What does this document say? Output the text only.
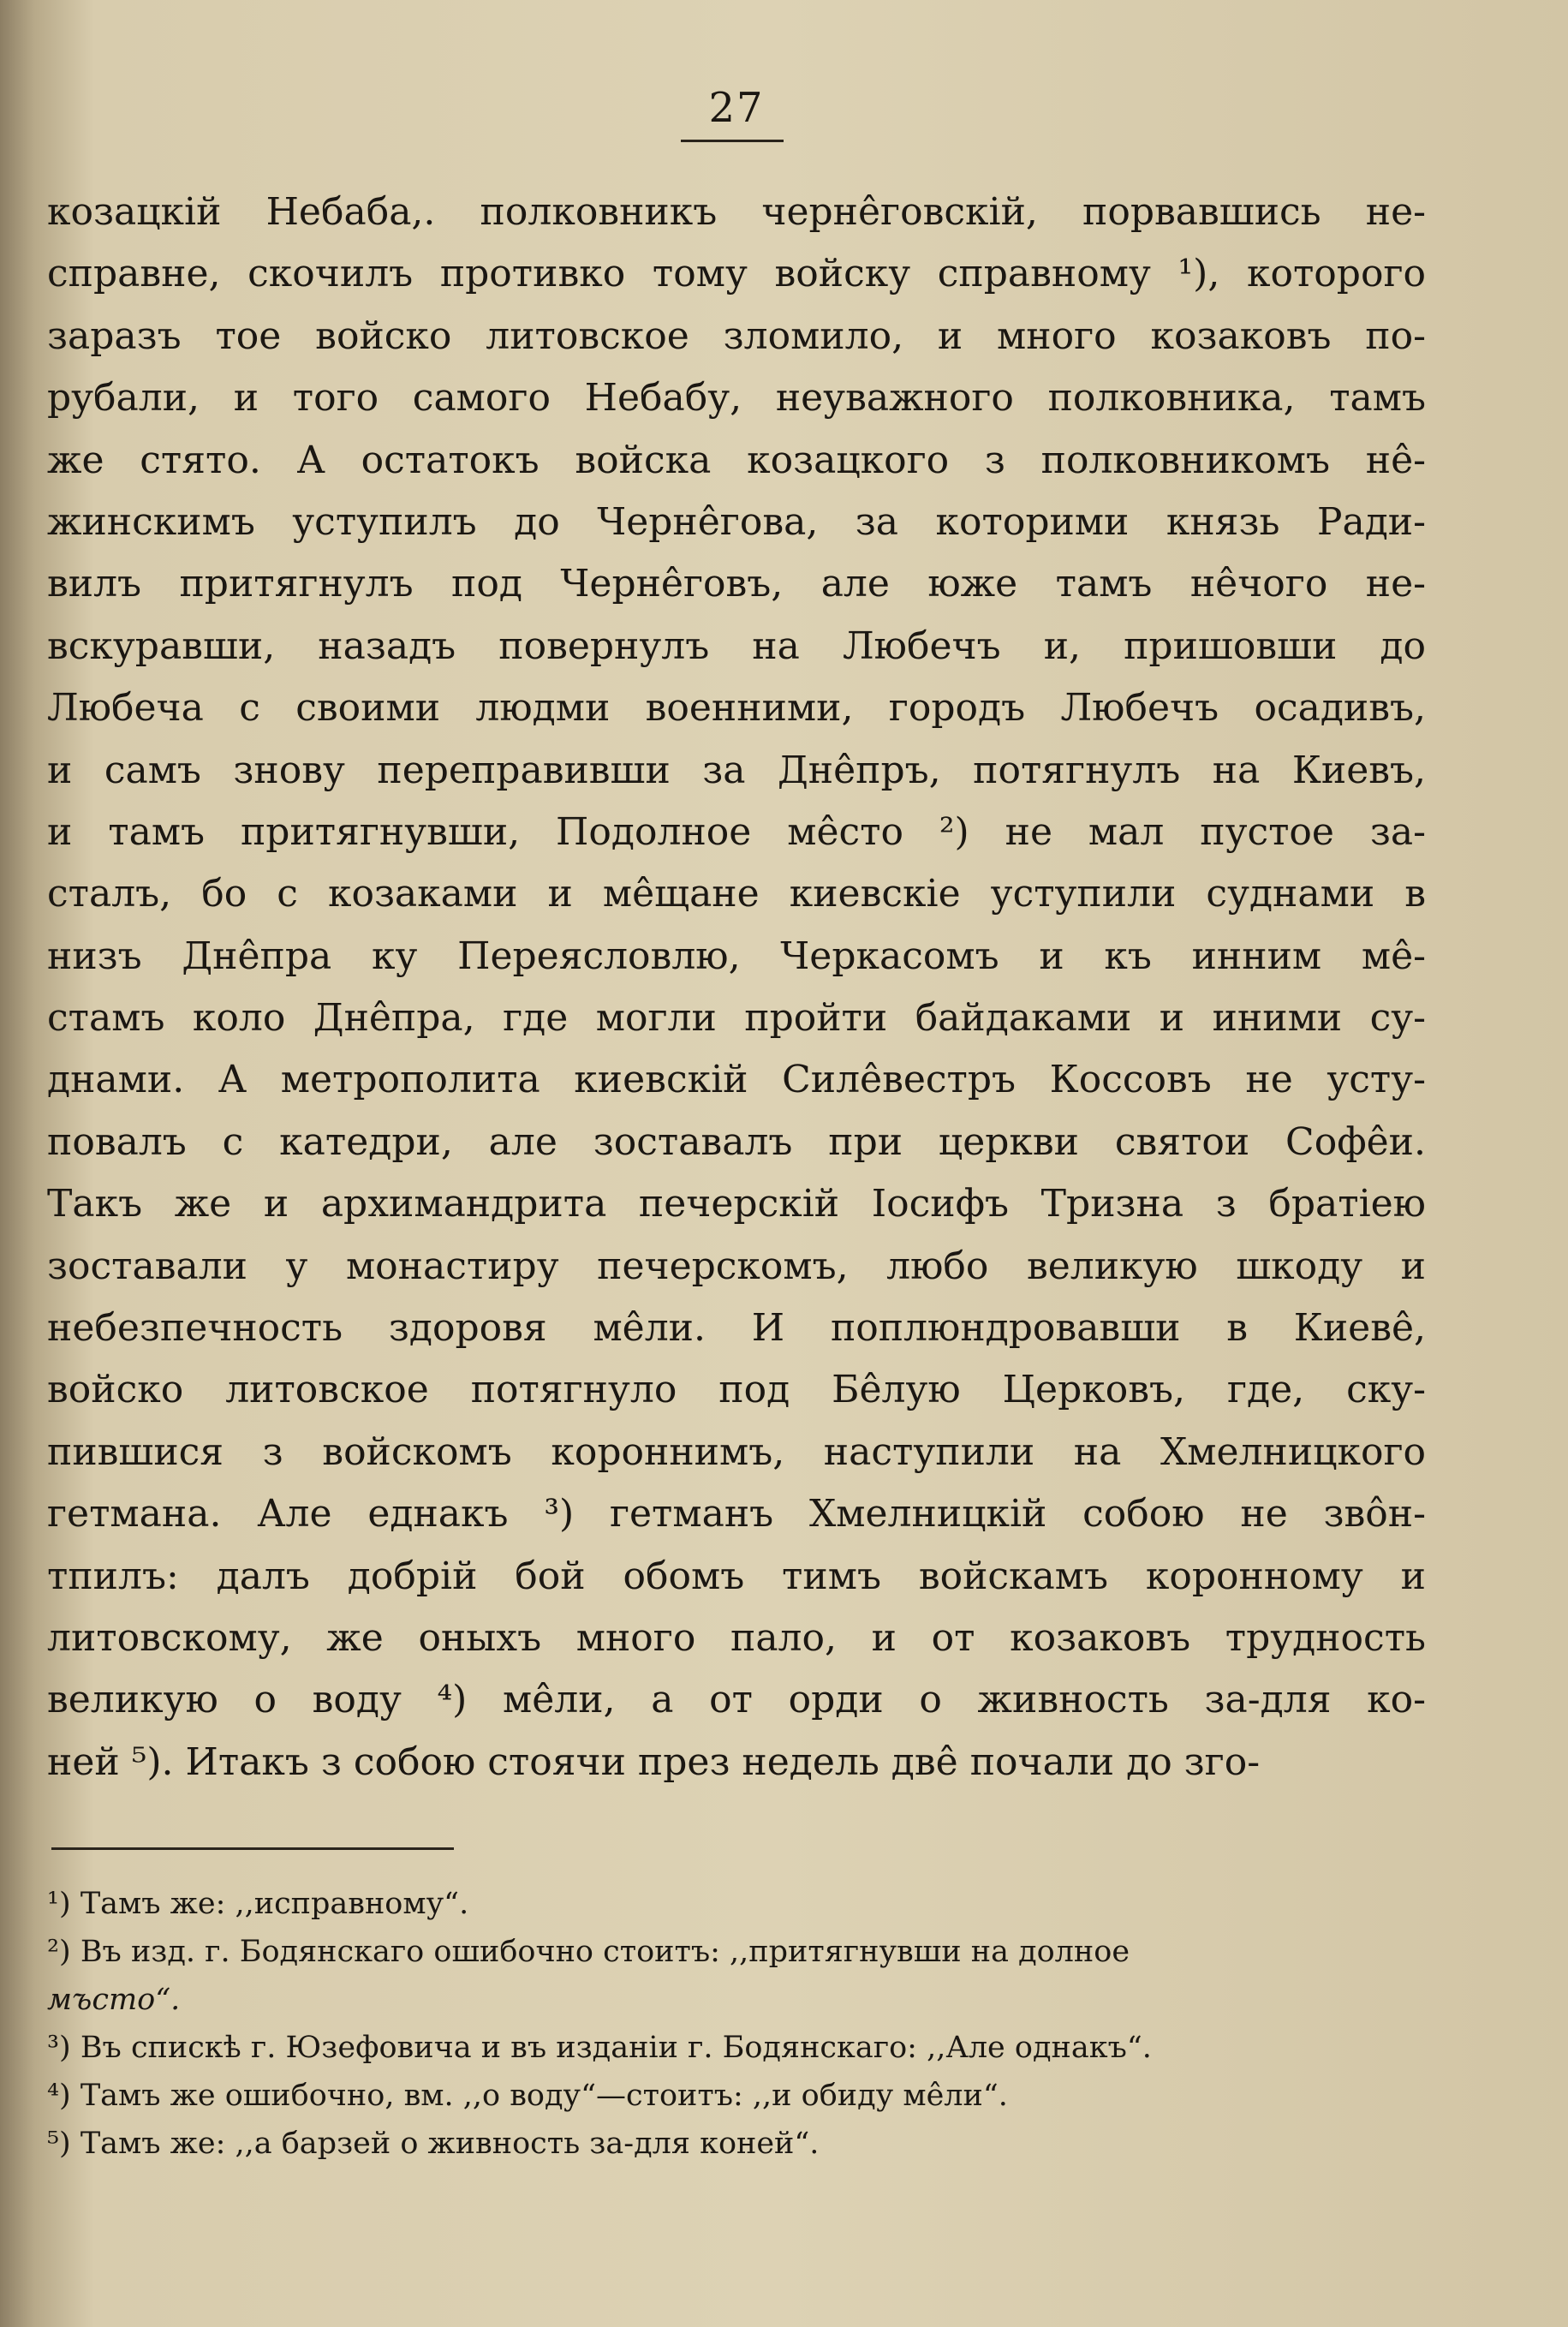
27
козацкій Небаба,. полковникъ черне̂говскій, порвавшись не-
справне, скочилъ противко тому войску справному ¹), которого
заразъ тое войско литовское зломило, и много козаковъ по-
рубали, и того самого Небабу, неуважного полковника, тамъ
же стято. А остатокъ войска козацкого з полковникомъ не̂-
жинскимъ уступилъ до Черне̂гова, за которими князь Ради-
вилъ притягнулъ под Черне̂говъ, але юже тамъ не̂чого не-
вскуравши, назадъ повернулъ на Любечъ и, пришовши до
Любеча с своими людми военними, городъ Любечъ осадивъ,
и самъ знову переправивши за Дне̂пръ, потягнулъ на Киевъ,
и тамъ притягнувши, Подолное ме̂сто ²) не мал пустое за-
сталъ, бо с козаками и ме̂щане киевскіе уступили суднами в
низъ Дне̂пра ку Переясловлю, Черкасомъ и къ инним ме̂-
стамъ коло Дне̂пра, где могли пройти байдаками и иними су-
днами. А метрополита киевскій Силе̂вестръ Коссовъ не усту-
повалъ с катедри, але зоставалъ при церкви святои Софе̂и.
Такъ же и архимандрита печерскій Іосифъ Тризна з братіею
зоставали у монастиру печерскомъ, любо великую шкоду и
небезпечность здоровя ме̂ли. И поплюндровавши в Киеве̂,
войско литовское потягнуло под Бе̂лую Церковъ, где, ску-
пившися з войскомъ короннимъ, наступили на Хмелницкого
гетмана. Але еднакъ ³) гетманъ Хмелницкій собою не звôн-
тпилъ: далъ добрій бой обомъ тимъ войскамъ коронному и
литовскому, же оныхъ много пало, и от козаковъ трудность
великую о воду ⁴) ме̂ли, а от орди о живность за-для ко-
ней ⁵). Итакъ з собою стоячи през недель две̂ почали до зго-
¹) Тамъ же: ,,исправному“.
²) Въ изд. г. Бодянскаго ошибочно стоитъ: ,,притягнувши на долное
мъсто“.
³) Въ спискѣ г. Юзефовича и въ изданіи г. Бодянскаго: ,,Але однакъ“.
⁴) Тамъ же ошибочно, вм. ,,о воду“—стоитъ: ,,и обиду ме̂ли“.
⁵) Тамъ же: ,,а барзей о живность за-для коней“.
